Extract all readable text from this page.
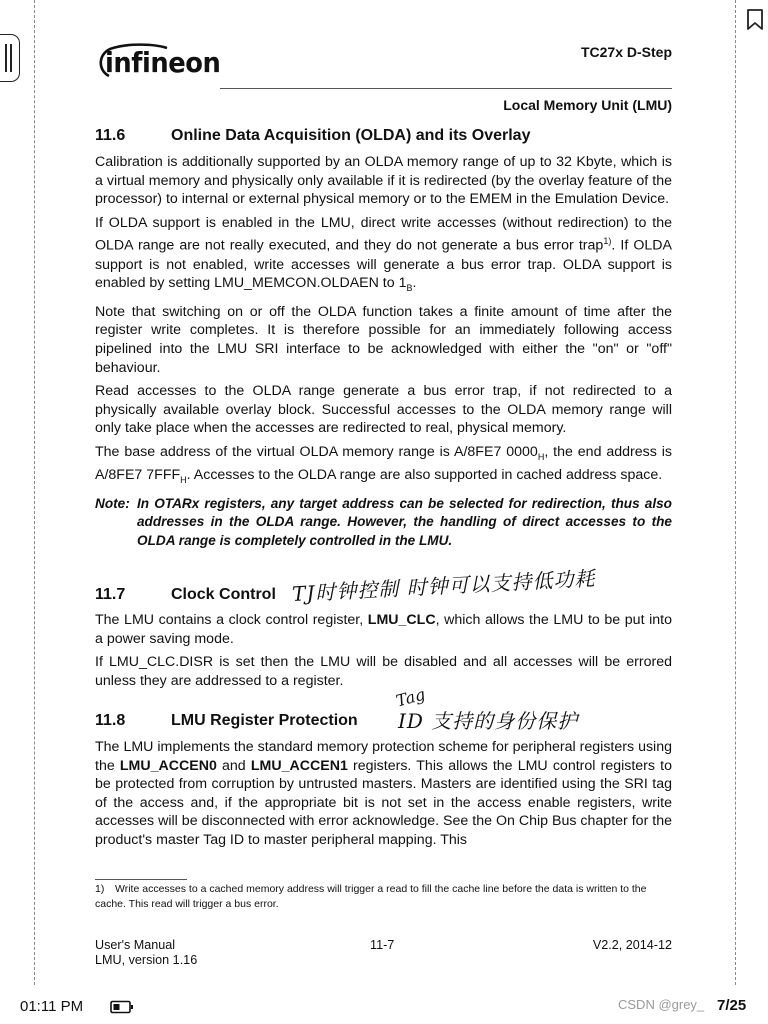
infineon	TC27x D-Step
Local Memory Unit (LMU)
11.6	Online Data Acquisition (OLDA) and its Overlay

Calibration is additionally supported by an OLDA memory range of up to 32 Kbyte, which is a virtual memory and physically only available if it is redirected (by the overlay feature of the processor) to internal or external physical memory or to the EMEM in the Emulation Device.

If OLDA support is enabled in the LMU, direct write accesses (without redirection) to the OLDA range are not really executed, and they do not generate a bus error trap$^{1)}$. If OLDA support is not enabled, write accesses will generate a bus error trap. OLDA support is enabled by setting LMU_MEMCON.OLDAEN to $1_B$.

Note that switching on or off the OLDA function takes a finite amount of time after the register write completes. It is therefore possible for an immediately following access pipelined into the LMU SRI interface to be acknowledged with either the "on" or "off" behaviour.

Read accesses to the OLDA range generate a bus error trap, if not redirected to a physically available overlay block. Successful accesses to the OLDA memory range will only take place when the accesses are redirected to real, physical memory.

The base address of the virtual OLDA memory range is A/8FE7 $0000_H$, the end address is A/8FE7 $7FFF_H$. Accesses to the OLDA range are also supported in cached address space.

Note: In OTARx registers, any target address can be selected for redirection, thus also addresses in the OLDA range. However, the handling of direct accesses to the OLDA range is completely controlled in the LMU.
11.7	Clock Control TJ时钟控制 时钟可以支持低功耗

The LMU contains a clock control register, LMU_CLC, which allows the LMU to be put into a power saving mode.

If LMU_CLC.DISR is set then the LMU will be disabled and all accesses will be errored unless they are addressed to a register.

11.8	LMU Register Protection
Tag
ID 支持的身份保护

The LMU implements the standard memory protection scheme for peripheral registers using the LMU_ACCEN0 and LMU_ACCEN1 registers. This allows the LMU control registers to be protected from corruption by untrusted masters. Masters are identified using the SRI tag of the access and, if the appropriate bit is not set in the access enable registers, write accesses will be disconnected with error acknowledge. See the On Chip Bus chapter for the product's master Tag ID to master peripheral mapping. This

1) Write accesses to a cached memory address will trigger a read to fill the cache line before the data is written to the cache. This read will trigger a bus error.
User's Manual
LMU, version 1.16
11-7	V2.2, 2014-12
01:11 PM	CSDN @grey_ 7/25
